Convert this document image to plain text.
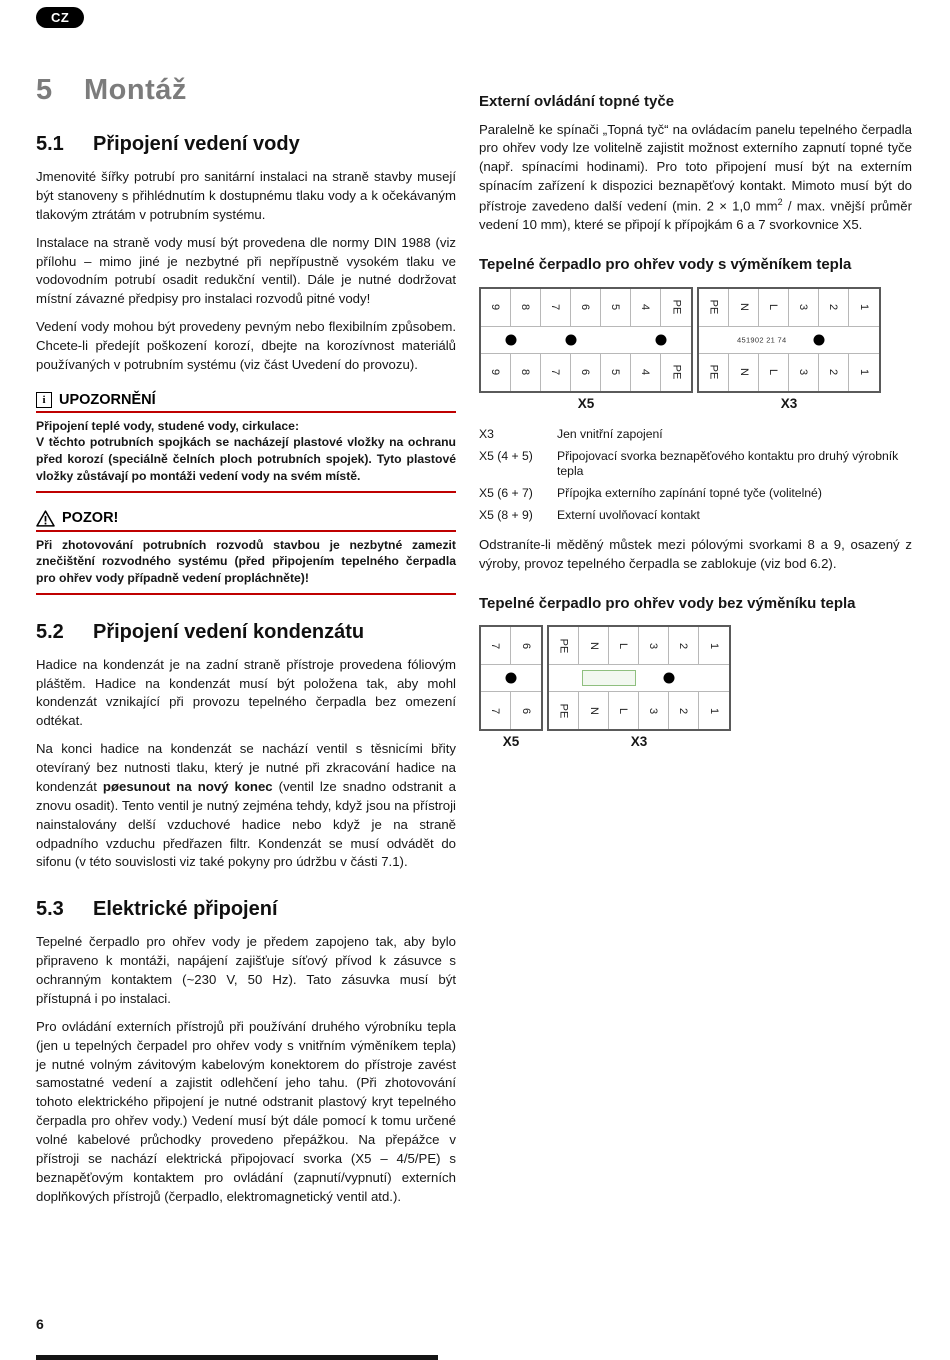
CZ
5 Montáž
5.1 Připojení vedení vody

Jmenovité šířky potrubí pro sanitární instalaci na straně stavby musejí být stanoveny s přihlédnutím k dostupnému tlaku vody a k očekávaným tlakovým ztrátám v potrubním systému.

Instalace na straně vody musí být provedena dle normy DIN 1988 (viz přílohu – mimo jiné je nezbytné při nepřípustně vysokém tlaku ve vodovodním potrubí osadit redukční ventil). Dále je nutné dodržovat místní závazné předpisy pro instalaci rozvodů pitné vody!

Vedení vody mohou být provedeny pevným nebo flexibilním způsobem. Chcete-li předejít poškození korozí, dbejte na korozívnost materiálů používaných v potrubním systému (viz část Uvedení do provozu).

i UPOZORNĚNÍ

Připojení teplé vody, studené vody, cirkulace:
V těchto potrubních spojkách se nacházejí plastové vložky na ochranu před korozí (speciálně čelních ploch potrubních spojek). Tyto plastové vložky zůstávají po montáži vedení vody na svém místě.

POZOR!

Při zhotovování potrubních rozvodů stavbou je nezbytné zamezit znečištění rozvodného systému (před připojením tepelného čerpadla pro ohřev vody případně vedení propláchněte)!

5.2 Připojení vedení kondenzátu

Hadice na kondenzát je na zadní straně přístroje provedena fóliovým pláštěm. Hadice na kondenzát musí být položena tak, aby mohl kondenzát vznikající při provozu tepelného čerpadla bez omezení odtékat.

Na konci hadice na kondenzát se nachází ventil s těsnicími břity otevíraný bez nutnosti tlaku, který je nutné při zkracování hadice na kondenzát pøesunout na nový konec (ventil lze snadno odstranit a znovu osadit). Tento ventil je nutný zejména tehdy, když jsou na přístroji nainstalovány delší vzduchové hadice nebo když je na straně odpadního vzduchu předřazen filtr. Kondenzát se musí odvádět do sifonu (v této souvislosti viz také pokyny pro údržbu v části 7.1).

5.3 Elektrické připojení

Tepelné čerpadlo pro ohřev vody je předem zapojeno tak, aby bylo připraveno k montáži, napájení zajišťuje síťový přívod k zásuvce s ochranným kontaktem (~230 V, 50 Hz). Tato zásuvka musí být přístupná i po instalaci.

Pro ovládání externích přístrojů při používání druhého výrobníku tepla (jen u tepelných čerpadel pro ohřev vody s vnitřním výměníkem tepla) je nutné volným závitovým kabelovým konektorem do přístroje zavést samostatné vedení a zajistit odlehčení jeho tahu. (Při zhotovování tohoto elektrického připojení je nutné odstranit plastový kryt tepelného čerpadla pro ohřev vody.) Vedení musí být dále pomocí k tomu určené volné kabelové průchodky provedeno přepážkou. Na přepážce v přístroji se nachází elektrická připojovací svorka (X5 – 4/5/PE) s beznapěťovým kontaktem pro ovládání (zapnutí/vypnutí) externích doplňkových přístrojů (čerpadlo, elektromagnetický ventil atd.).

Externí ovládání topné tyče

Paralelně ke spínači „Topná tyč“ na ovládacím panelu tepelného čerpadla pro ohřev vody lze volitelně zajistit možnost externího zapnutí topné tyče (např. spínacími hodinami). Pro toto připojení musí být na externím spínacím zařízení k dispozici beznapěťový kontakt. Mimoto musí být do přístroje zavedeno další vedení (min. 2 × 1,0 $mm^2$ / max. vnější průměr vedení 10 mm), které se připojí k přípojkám 6 a 7 svorkovnice X5.

Tepelné čerpadlo pro ohřev vody s výměníkem tepla
9 8 7 6 5 4 PE
9 8 7 6 5 4 PE
X5
PE N L 3 2 1
451902 21 74
PE N L 3 2 1
X3
X3	Jen vnitřní zapojení
X5 (4 + 5)	Připojovací svorka beznapěťového kontaktu pro druhý výrobník tepla
X5 (6 + 7)	Přípojka externího zapínání topné tyče (volitelné)
X5 (8 + 9)	Externí uvolňovací kontakt

Odstraníte-li měděný můstek mezi pólovými svorkami 8 a 9, osazený z výroby, provoz tepelného čerpadla se zablokuje (viz bod 6.2).

Tepelné čerpadlo pro ohřev vody bez výměníku tepla
7 6
7 6
X5
PE N L 3 2 1
PE N L 3 2 1
X3
6
